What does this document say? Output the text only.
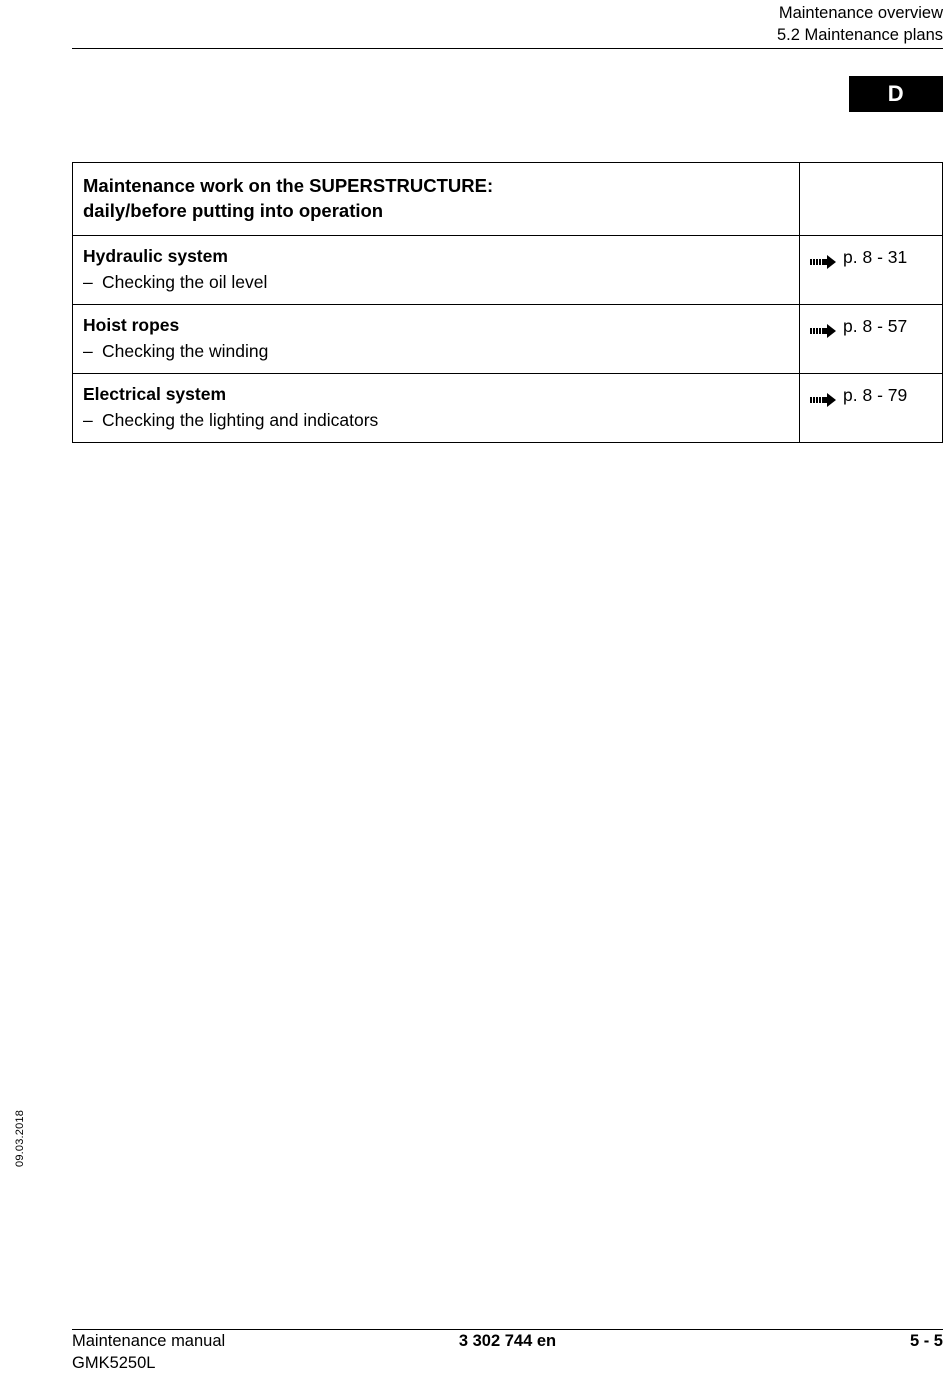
Maintenance overview
5.2 Maintenance plans
D
Maintenance work on the SUPERSTRUCTURE:
daily/before putting into operation	

Hydraulic system
– Checking the oil level	p. 8 - 31

Hoist ropes
– Checking the winding	p. 8 - 57

Electrical system
– Checking the lighting and indicators	p. 8 - 79
09.03.2018
Maintenance manual
GMK5250L
3 302 744 en	5 - 5
